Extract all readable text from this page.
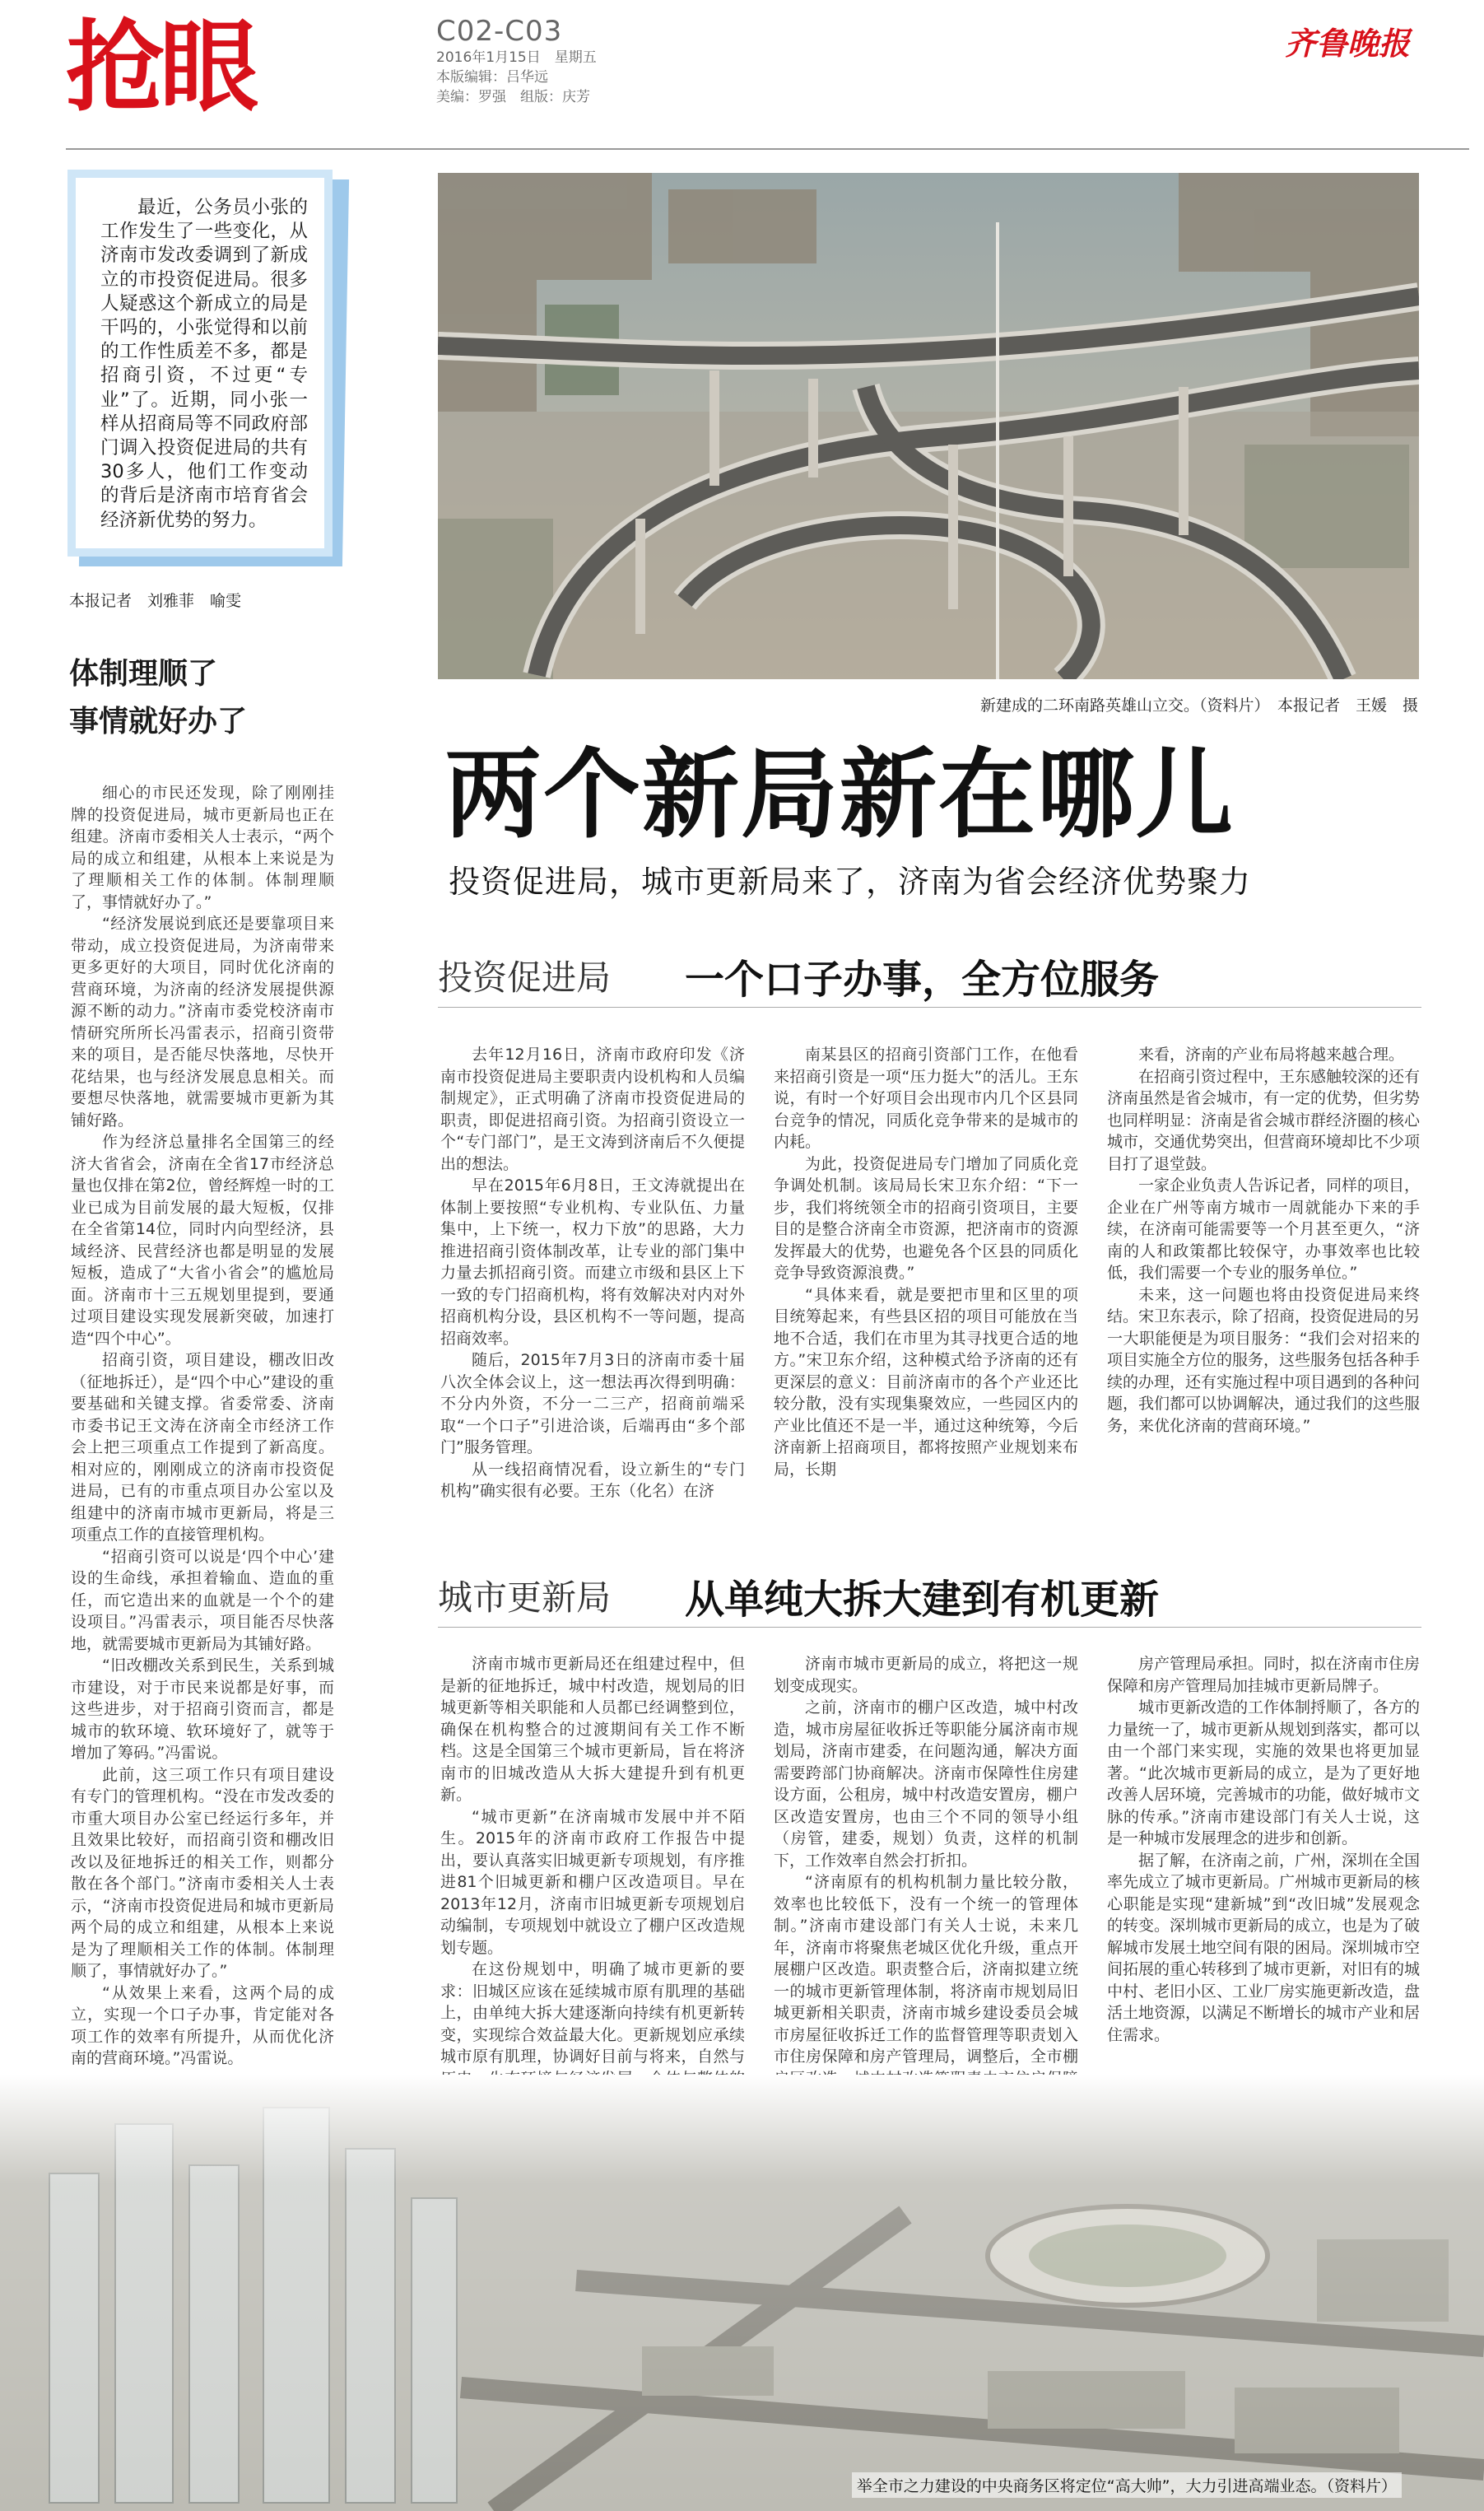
抢眼	C02-C03
2016年1月15日　星期五
本版编辑：吕华远
美编：罗强　组版：庆芳
齐鲁晚报

最近，公务员小张的工作发生了一些变化，从济南市发改委调到了新成立的市投资促进局。很多人疑惑这个新成立的局是干吗的，小张觉得和以前的工作性质差不多，都是招商引资，不过更“专业”了。近期，同小张一样从招商局等不同政府部门调入投资促进局的共有30多人，他们工作变动的背后是济南市培育省会经济新优势的努力。

本报记者　刘雅菲　喻雯
体制理顺了
事情就好办了

细心的市民还发现，除了刚刚挂牌的投资促进局，城市更新局也正在组建。济南市委相关人士表示，“两个局的成立和组建，从根本上来说是为了理顺相关工作的体制。体制理顺了，事情就好办了。”

“经济发展说到底还是要靠项目来带动，成立投资促进局，为济南带来更多更好的大项目，同时优化济南的营商环境，为济南的经济发展提供源源不断的动力。”济南市委党校济南市情研究所所长冯雷表示，招商引资带来的项目，是否能尽快落地，尽快开花结果，也与经济发展息息相关。而要想尽快落地，就需要城市更新为其铺好路。

作为经济总量排名全国第三的经济大省省会，济南在全省17市经济总量也仅排在第2位，曾经辉煌一时的工业已成为目前发展的最大短板，仅排在全省第14位，同时内向型经济，县域经济、民营经济也都是明显的发展短板，造成了“大省小省会”的尴尬局面。济南市十三五规划里提到，要通过项目建设实现发展新突破，加速打造“四个中心”。

招商引资，项目建设，棚改旧改（征地拆迁），是“四个中心”建设的重要基础和关键支撑。省委常委、济南市委书记王文涛在济南全市经济工作会上把三项重点工作提到了新高度。相对应的，刚刚成立的济南市投资促进局，已有的市重点项目办公室以及组建中的济南市城市更新局，将是三项重点工作的直接管理机构。

“招商引资可以说是‘四个中心’建设的生命线，承担着输血、造血的重任，而它造出来的血就是一个个的建设项目。”冯雷表示，项目能否尽快落地，就需要城市更新局为其铺好路。

“旧改棚改关系到民生，关系到城市建设，对于市民来说都是好事，而这些进步，对于招商引资而言，都是城市的软环境、软环境好了，就等于增加了筹码。”冯雷说。

此前，这三项工作只有项目建设有专门的管理机构。“没在市发改委的市重大项目办公室已经运行多年，并且效果比较好，而招商引资和棚改旧改以及征地拆迁的相关工作，则都分散在各个部门。”济南市委相关人士表示，“济南市投资促进局和城市更新局两个局的成立和组建，从根本上来说是为了理顺相关工作的体制。体制理顺了，事情就好办了。”

“从效果上来看，这两个局的成立，实现一个口子办事，肯定能对各项工作的效率有所提升，从而优化济南的营商环境。”冯雷说。

新建成的二环南路英雄山立交。（资料片）　本报记者　王媛　摄
两个新局新在哪儿
投资促进局，城市更新局来了，济南为省会经济优势聚力
投资促进局 一个口子办事，全方位服务

去年12月16日，济南市政府印发《济南市投资促进局主要职责内设机构和人员编制规定》，正式明确了济南市投资促进局的职责，即促进招商引资。为招商引资设立一个“专门部门”，是王文涛到济南后不久便提出的想法。

早在2015年6月8日，王文涛就提出在体制上要按照“专业机构、专业队伍、力量集中，上下统一，权力下放”的思路，大力推进招商引资体制改革，让专业的部门集中力量去抓招商引资。而建立市级和县区上下一致的专门招商机构，将有效解决对内对外招商机构分设，县区机构不一等问题，提高招商效率。

随后，2015年7月3日的济南市委十届八次全体会议上，这一想法再次得到明确：不分内外资，不分一二三产，招商前端采取“一个口子”引进洽谈，后端再由“多个部门”服务管理。

从一线招商情况看，设立新生的“专门机构”确实很有必要。王东（化名）在济

南某县区的招商引资部门工作，在他看来招商引资是一项“压力挺大”的活儿。王东说，有时一个好项目会出现市内几个区县同台竞争的情况，同质化竞争带来的是城市的内耗。

为此，投资促进局专门增加了同质化竞争调处机制。该局局长宋卫东介绍：“下一步，我们将统领全市的招商引资项目，主要目的是整合济南全市资源，把济南市的资源发挥最大的优势，也避免各个区县的同质化竞争导致资源浪费。”

“具体来看，就是要把市里和区里的项目统筹起来，有些县区招的项目可能放在当地不合适，我们在市里为其寻找更合适的地方。”宋卫东介绍，这种模式给予济南的还有更深层的意义：目前济南市的各个产业还比较分散，没有实现集聚效应，一些园区内的产业比值还不是一半，通过这种统筹，今后济南新上招商项目，都将按照产业规划来布局，长期

来看，济南的产业布局将越来越合理。

在招商引资过程中，王东感触较深的还有济南虽然是省会城市，有一定的优势，但劣势也同样明显：济南是省会城市群经济圈的核心城市，交通优势突出，但营商环境却比不少项目打了退堂鼓。

一家企业负责人告诉记者，同样的项目，企业在广州等南方城市一周就能办下来的手续，在济南可能需要等一个月甚至更久，“济南的人和政策都比较保守，办事效率也比较低，我们需要一个专业的服务单位。”

未来，这一问题也将由投资促进局来终结。宋卫东表示，除了招商，投资促进局的另一大职能便是为项目服务：“我们会对招来的项目实施全方位的服务，这些服务包括各种手续的办理，还有实施过程中项目遇到的各种问题，我们都可以协调解决，通过我们的这些服务，来优化济南的营商环境。”

城市更新局 从单纯大拆大建到有机更新

济南市城市更新局还在组建过程中，但是新的征地拆迁，城中村改造，规划局的旧城更新等相关职能和人员都已经调整到位，确保在机构整合的过渡期间有关工作不断档。这是全国第三个城市更新局，旨在将济南市的旧城改造从大拆大建提升到有机更新。

“城市更新”在济南城市发展中并不陌生。2015年的济南市政府工作报告中提出，要认真落实旧城更新专项规划，有序推进81个旧城更新和棚户区改造项目。早在2013年12月，济南市旧城更新专项规划启动编制，专项规划中就设立了棚户区改造规划专题。

在这份规划中，明确了城市更新的要求：旧城区应该在延续城市原有肌理的基础上，由单纯大拆大建逐渐向持续有机更新转变，实现综合效益最大化。更新规划应承续城市原有肌理，协调好目前与将来，自然与

济南市城市更新局的成立，将把这一规划变成现实。

之前，济南市的棚户区改造，城中村改造，城市房屋征收拆迁等职能分属济南市规划局，济南市建委，在问题沟通，解决方面需要跨部门协商解决。济南市保障性住房建设方面，公租房，城中村改造安置房，棚户区改造安置房，也由三个不同的领导小组（房管，建委，规划）负责，这样的机制下，工作效率自然会打折扣。

“济南原有的机构机制力量比较分散，效率也比较低下，没有一个统一的管理体制。”济南市建设部门有关人士说，未来几年，济南市将聚焦老城区优化升级，重点开展棚户区改造。职责整合后，济南拟建立统一的城市更新管理体制，将济南市规划局旧城更新相关职责，济南市城乡建设委员会城市房屋征收拆迁工作的监督管理等职责划入市住房保障和房产管理局，调整后，全市棚

房产管理局承担。同时，拟在济南市住房保障和房产管理局加挂城市更新局牌子。

城市更新改造的工作体制捋顺了，各方的力量统一了，城市更新从规划到落实，都可以由一个部门来实现，实施的效果也将更加显著。“此次城市更新局的成立，是为了更好地改善人居环境，完善城市的功能，做好城市文脉的传承。”济南市建设部门有关人士说，这是一种城市发展理念的进步和创新。

据了解，在济南之前，广州，深圳在全国率先成立了城市更新局。广州城市更新局的核心职能是实现“建新城”到“改旧城”发展观念的转变。深圳城市更新局的成立，也是为了破解城市发展土地空间有限的困局。深圳城市空间拓展的重心转移到了城市更新，对旧有的城中村、老旧小区、工业厂房实施更新改造，盘活土地资源，以满足不断增长的城市产业和居住需求。

举全市之力建设的中央商务区将定位“高大帅”，大力引进高端业态。（资料片）
